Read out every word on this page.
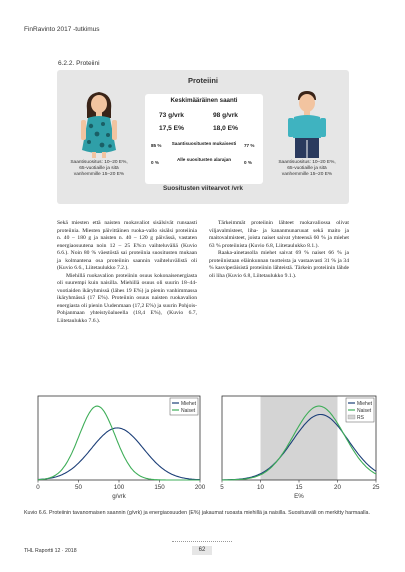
FinRavinto 2017 -tutkimus
6.2.2. Proteiini
Proteiini
Keskimääräinen saanti
73 g/vrk	98 g/vrk
17,5 E%	18,0 E%
85 % Saantisuositusten mukaisesti 77 %
0 %
Alle suositusten alarajan
0 %
Saantisuositus: 10–20 E%,
65-vuotiaille ja sitä
vanhemmille 15–20 E%
Saantisuositus: 10–20 E%,
65-vuotiaille ja sitä
vanhemmille 15–20 E%
Suositusten viitearvot /vrk

Sekä miesten että naisten ruokavaliot sisälsivät runsaasti proteiinia. Miesten päivittäinen ruoka-vallo sisälsi proteiinia n. 40 – 180 g ja naisten n. 40 – 120 g päivässä, vastaten energiaosuutena noin 12 – 25 E%:n vaihteluväliä (Kuvio 6.6.). Noin 80 % väestöstä sai proteiinia suositusten mukaan ja kolmantena osa proteiinin saannin vaihteluvälistä oli (Kuvio 6.6., Liitetaulukko 7.2.).

Miehillä ruokavalion proteiinin osuus kokonaisenergiasta oli suurempi kuin naisilla. Miehillä osuus oli suurin 18–44-vuotiaiden ikäryhmissä (lähes 19 E%) ja pienin vanhimmassa ikäryhmässä (17 E%). Proteiinin osuus naisten ruokavalion energiasta oli pienin Uudenmaan (17,2 E%) ja suurin Pohjois-Pohjanmaan yhteistyöalueella (18,4 E%), (Kuvio 6.7, Liitetaulukko 7.6.).

Tärkeimmät proteiinin lähteet ruokavaliossa olivat viljavalmisteet, liha- ja kananmunaruuat sekä maito ja maitovalmisteet, joista naiset saivat yhteensä 60 % ja miehet 63 % proteiinista (Kuvio 6.8, Liitetaulukko 8.1.).

Raaka-ainetasolla miehet saivat 69 % naiset 66 % ja proteiinistaan eläinkunnan tuotteista ja vastaavasti 31 % ja 34 % kasviperäisistä proteiinin lähteistä. Tärkein proteiinin lähde oli liha (Kuvio 6.8, Liitetaulukko 9.1.).

0	50	100	150	200
g/vrk
Miehet
Naiset
5	10	15	20	25
E%
Miehet
Naiset
RS
Kuvio 6.6. Proteiinin tavanomaisen saannin (g/vrk) ja energiaosuuden (E%) jakaumat ruoasta miehillä ja naisilla. Suositusväli on merkitty harmaalla.
THL Raportti 12 · 2018	62
